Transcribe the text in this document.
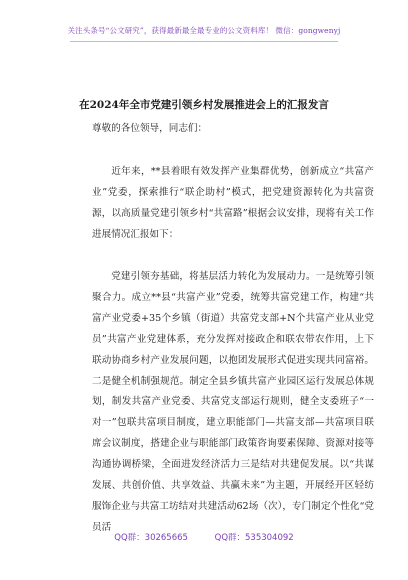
关注头条号“公文研究”，获得最新最全最专业的公文资料库！ 微信：gongwenyj
在2024年全市党建引领乡村发展推进会上的汇报发言
尊敬的各位领导，同志们：
近年来，**县着眼有效发挥产业集群优势，创新成立“共富产业”党委，探索推行“联企助村”模式，把党建资源转化为共富资源，以高质量党建引领乡村“共富路”根据会议安排，现将有关工作进展情况汇报如下：
党建引领夯基础，将基层活力转化为发展动力。一是统筹引领聚合力。成立**县“共富产业”党委，统筹共富党建工作，构建“共富产业党委+35个乡镇（街道）共富党支部+N个共富产业从业党员”共富产业党建体系，充分发挥对接政企和联农带农作用，上下联动协商乡村产业发展问题，以抱团发展形式促进实现共同富裕。二是健全机制强规范。制定全县乡镇共富产业园区运行发展总体规划，制发共富产业党委、共富党支部运行规则，健全支委班子“一对一”包联共富项目制度，建立职能部门—共富支部—共富项目联席会议制度，搭建企业与职能部门政策咨询要素保障、资源对接等沟通协调桥梁，全面进发经济活力三是结对共建促发展。以“共谋发展、共创价值、共享效益、共赢未来”为主题，开展经开区轻纺服饰企业与共富工坊结对共建活动62场（次），专门制定个性化“党员活
QQ群：30265665	QQ群：535304092
